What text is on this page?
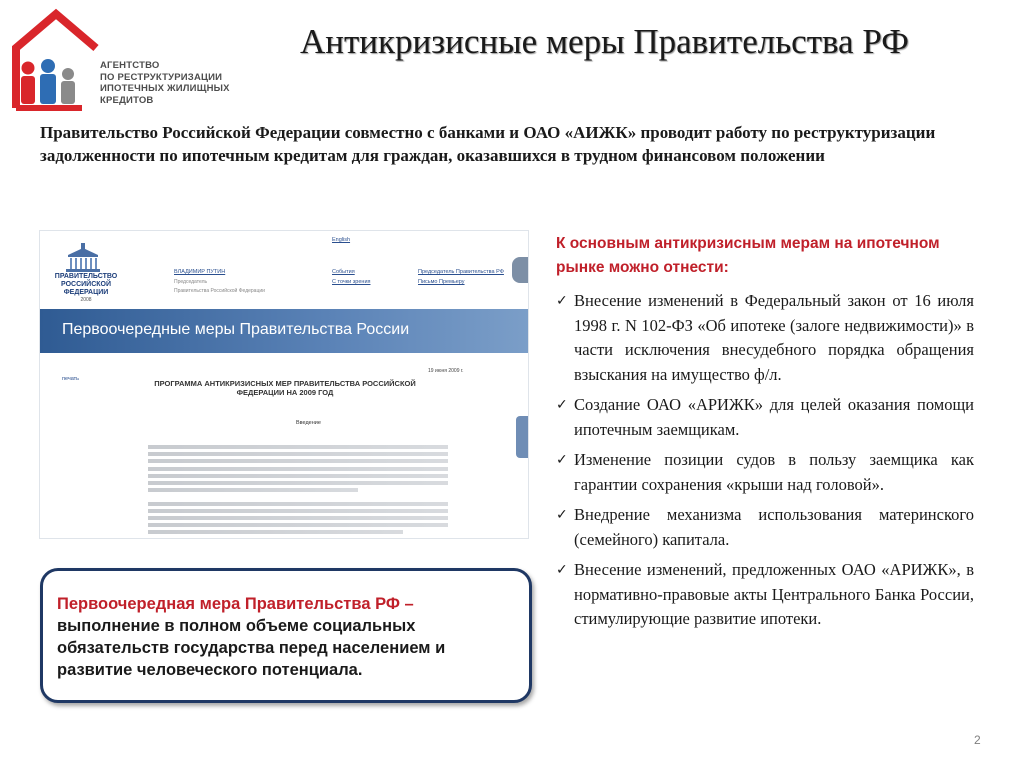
АГЕНТСТВО
ПО РЕСТРУКТУРИЗАЦИИ
ИПОТЕЧНЫХ ЖИЛИЩНЫХ
КРЕДИТОВ
Антикризисные меры Правительства РФ
Правительство Российской Федерации совместно с банками и ОАО «АИЖК» проводит работу по реструктуризации задолженности по ипотечным кредитам для граждан, оказавшихся в трудном финансовом положении
ПРАВИТЕЛЬСТВО РОССИЙСКОЙ ФЕДЕРАЦИИ
2008
English
ВЛАДИМИР ПУТИН
Председатель
Правительства Российской Федерации
События
С точки зрения
Председатель Правительства РФ
Письмо Премьеру
Первоочередные меры Правительства России
19 июня 2009 г.
печать	ПРОГРАММА АНТИКРИЗИСНЫХ МЕР ПРАВИТЕЛЬСТВА РОССИЙСКОЙ ФЕДЕРАЦИИ НА 2009 ГОД
Введение
Первоочередная мера Правительства РФ –
выполнение в полном объеме социальных обязательств государства перед населением и развитие человеческого потенциала.
К основным антикризисным мерам на ипотечном рынке можно отнести:
✓ Внесение изменений в Федеральный закон от 16 июля 1998 г. N 102-ФЗ «Об ипотеке (залоге недвижимости)» в части исключения внесудебного порядка обращения взыскания на имущество ф/л.
✓ Создание ОАО «АРИЖК» для целей оказания помощи ипотечным заемщикам.
✓ Изменение позиции судов в пользу заемщика как гарантии сохранения «крыши над головой».
✓ Внедрение механизма использования материнского (семейного) капитала.
✓ Внесение изменений, предложенных ОАО «АРИЖК», в нормативно-правовые акты Центрального Банка России, стимулирующие развитие ипотеки.
2
